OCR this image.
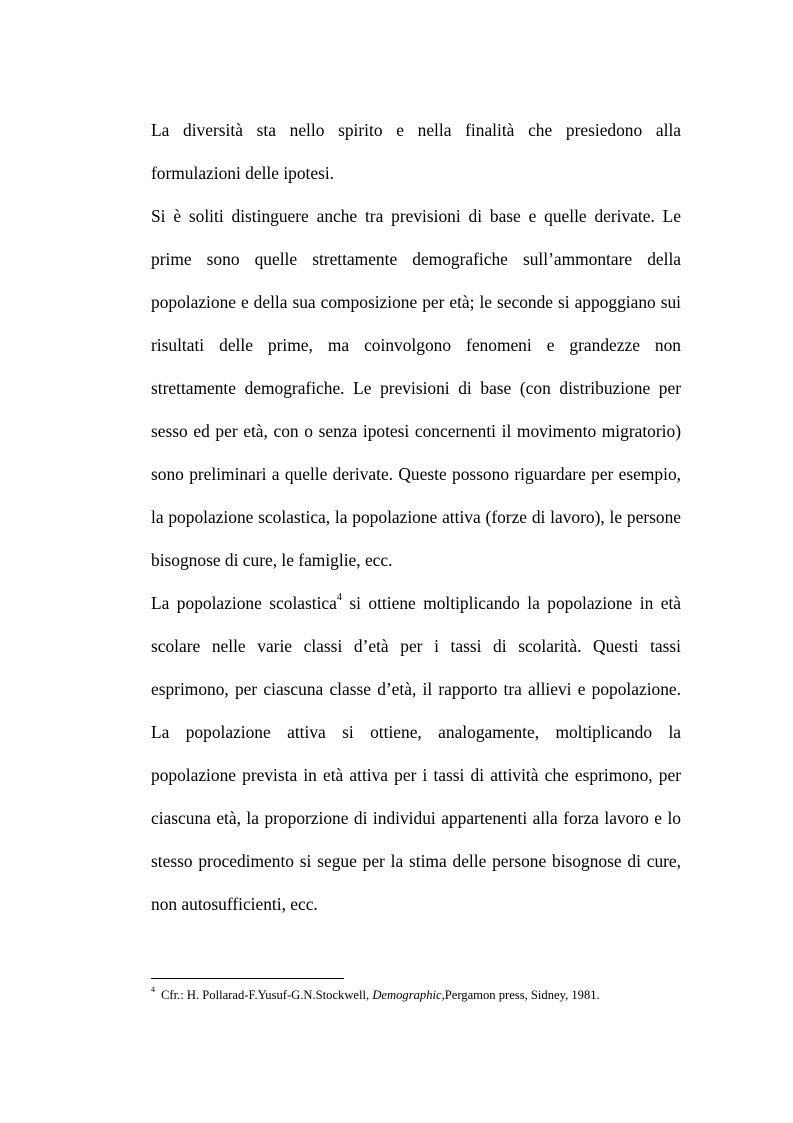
La diversità sta nello spirito e nella finalità che presiedono alla formulazioni delle ipotesi.

Si è soliti distinguere anche tra previsioni di base e quelle derivate. Le prime sono quelle strettamente demografiche sull’ammontare della popolazione e della sua composizione per età; le seconde si appoggiano sui risultati delle prime, ma coinvolgono fenomeni e grandezze non strettamente demografiche. Le previsioni di base (con distribuzione per sesso ed per età, con o senza ipotesi concernenti il movimento migratorio) sono preliminari a quelle derivate. Queste possono riguardare per esempio, la popolazione scolastica, la popolazione attiva (forze di lavoro), le persone bisognose di cure, le famiglie, ecc.

La popolazione scolastica$^4$ si ottiene moltiplicando la popolazione in età scolare nelle varie classi d’età per i tassi di scolarità. Questi tassi esprimono, per ciascuna classe d’età, il rapporto tra allievi e popolazione. La popolazione attiva si ottiene, analogamente, moltiplicando la popolazione prevista in età attiva per i tassi di attività che esprimono, per ciascuna età, la proporzione di individui appartenenti alla forza lavoro e lo stesso procedimento si segue per la stima delle persone bisognose di cure, non autosufficienti, ecc.

$^4$ Cfr.: H. Pollarad-F.Yusuf-G.N.Stockwell, Demographic,Pergamon press, Sidney, 1981.
